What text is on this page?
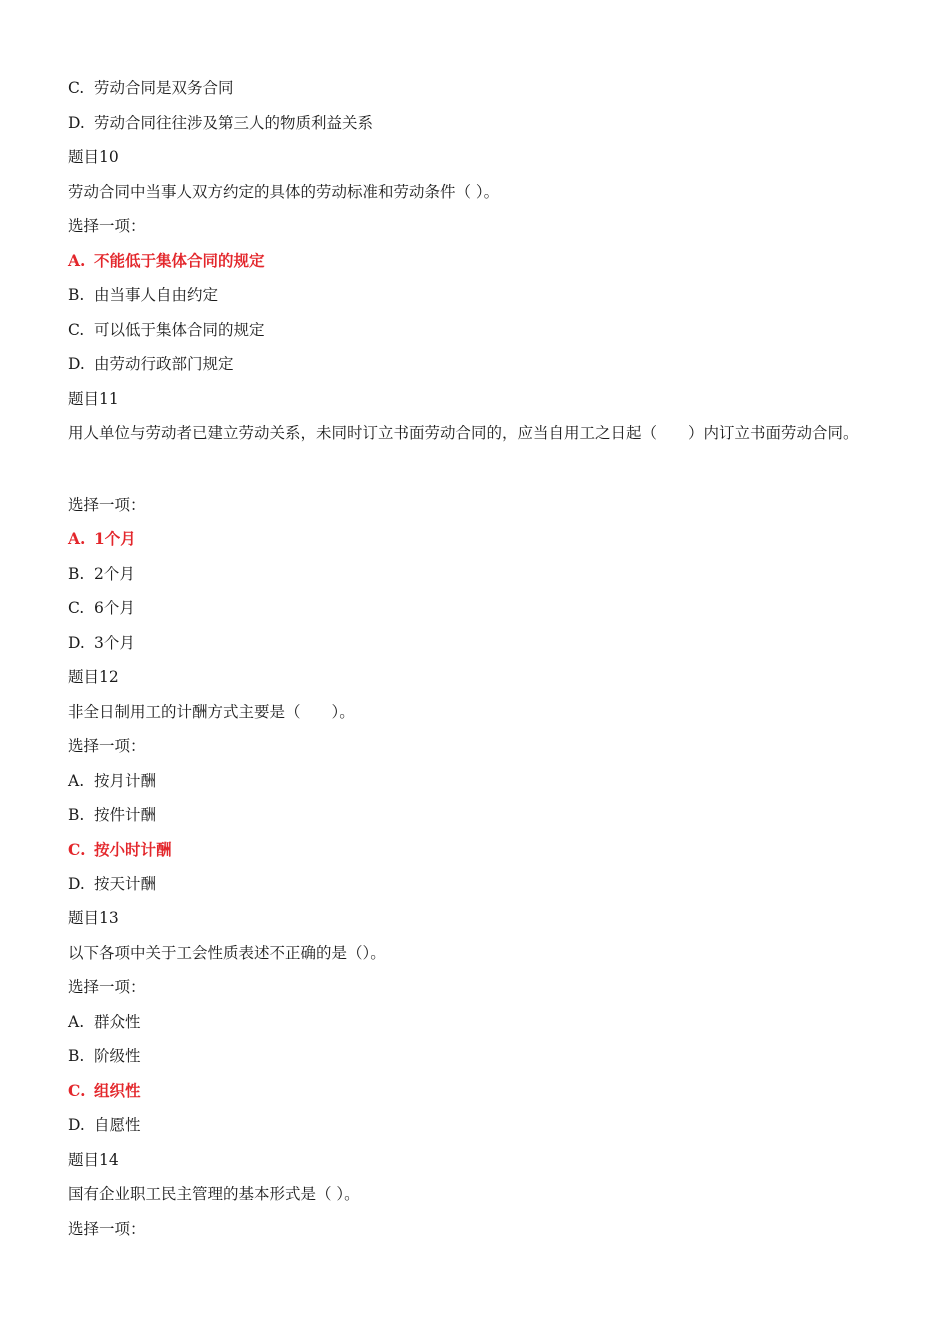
C. 劳动合同是双务合同
D. 劳动合同往往涉及第三人的物质利益关系
题目10
劳动合同中当事人双方约定的具体的劳动标准和劳动条件（ ）。
选择一项：
A. 不能低于集体合同的规定
B. 由当事人自由约定
C. 可以低于集体合同的规定
D. 由劳动行政部门规定
题目11
用人单位与劳动者已建立劳动关系，未同时订立书面劳动合同的，应当自用工之日起（　　）内订立书面劳动合同。
选择一项：
A. 1个月
B. 2个月
C. 6个月
D. 3个月
题目12
非全日制用工的计酬方式主要是（　　）。
选择一项：
A. 按月计酬
B. 按件计酬
C. 按小时计酬
D. 按天计酬
题目13
以下各项中关于工会性质表述不正确的是（）。
选择一项：
A. 群众性
B. 阶级性
C. 组织性
D. 自愿性
题目14
国有企业职工民主管理的基本形式是（ ）。
选择一项：
